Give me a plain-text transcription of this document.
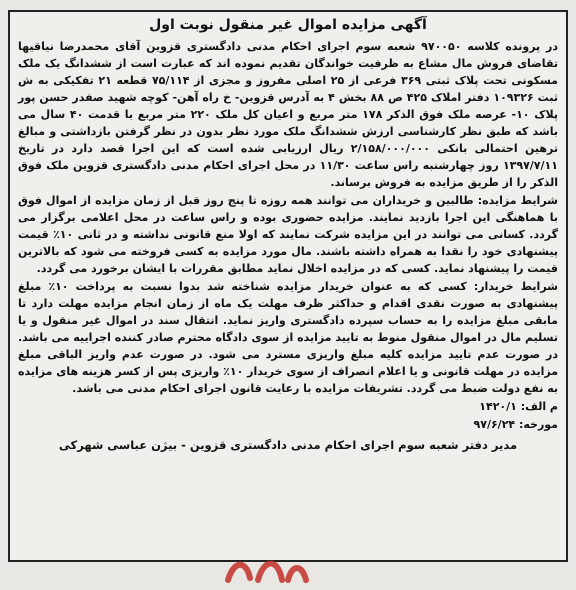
آگهی مزایده اموال غیر منقول نوبت اول

در پرونده کلاسه ۹۷۰۰۵۰ شعبه سوم اجرای احکام مدنی دادگستری قزوین آقای محمدرضا نیاقیها تقاضای فروش مال مشاع به ظرفیت خواندگان تقدیم نموده اند که عبارت است از ششدانگ یک ملک مسکونی تحت پلاک ثبتی ۳۶۹ فرعی از ۲۵ اصلی مفروز و مجزی از ۷۵/۱۱۴ قطعه ۲۱ تفکیکی به ش ثبت ۱۰۹۳۲۶ دفتر املاک ۴۲۵ ص ۸۸ بخش ۴ به آدرس قزوین- خ راه آهن- کوچه شهید صفدر حسن پور پلاک ۱۰- عرصه ملک فوق الذکر ۱۷۸ متر مربع و اعیان کل ملک ۲۲۰ متر مربع با قدمت ۴۰ سال می باشد که طبق نظر کارشناسی ارزش ششدانگ ملک مورد نظر بدون در نظر گرفتن بازداشتی و مبالغ ترهین احتمالی بانکی ۲/۱۵۸/۰۰۰/۰۰۰ ریال ارزیابی شده است که این اجرا قصد دارد در تاریخ ۱۳۹۷/۷/۱۱ روز چهارشنبه راس ساعت ۱۱/۳۰ در محل اجرای احکام مدنی دادگستری قزوین ملک فوق الذکر را از طریق مزایده به فروش برساند.

شرایط مزایده: طالبین و خریداران می توانند همه روزه تا پنج روز قبل از زمان مزایده از اموال فوق با هماهنگی این اجرا بازدید نمایند. مزایده حضوری بوده و راس ساعت در محل اعلامی برگزار می گردد. کسانی می توانند در این مزایده شرکت نمایند که اولا منع قانونی نداشته و در ثانی ۱۰٪ قیمت پیشنهادی خود را نقدا به همراه داشته باشند. مال مورد مزایده به کسی فروخته می شود که بالاترین قیمت را پیشنهاد نماید. کسی که در مزایده اخلال نماید مطابق مقررات با ایشان برخورد می گردد.

شرایط خریدار: کسی که به عنوان خریدار مزایده شناخته شد بدوا نسبت به پرداخت ۱۰٪ مبلغ پیشنهادی به صورت نقدی اقدام و حداکثر ظرف مهلت یک ماه از زمان انجام مزایده مهلت دارد تا مابقی مبلغ مزایده را به حساب سپرده دادگستری واریز نماید. انتقال سند در اموال غیر منقول و یا تسلیم مال در اموال منقول منوط به تایید مزایده از سوی دادگاه محترم صادر کننده اجراییه می باشد. در صورت عدم تایید مزایده کلیه مبلغ واریزی مسترد می شود. در صورت عدم واریز الباقی مبلغ مزایده در مهلت قانونی و یا اعلام انصراف از سوی خریدار ۱۰٪ واریزی پس از کسر هزینه های مزایده به نفع دولت ضبط می گردد. تشریفات مزایده با رعایت قانون اجرای احکام مدنی می باشد.

م الف: ۱۴۲۰/۱
مورخه: ۹۷/۶/۲۴
مدیر دفتر شعبه سوم اجرای احکام مدنی دادگستری قزوین - بیژن عباسی شهرکی
